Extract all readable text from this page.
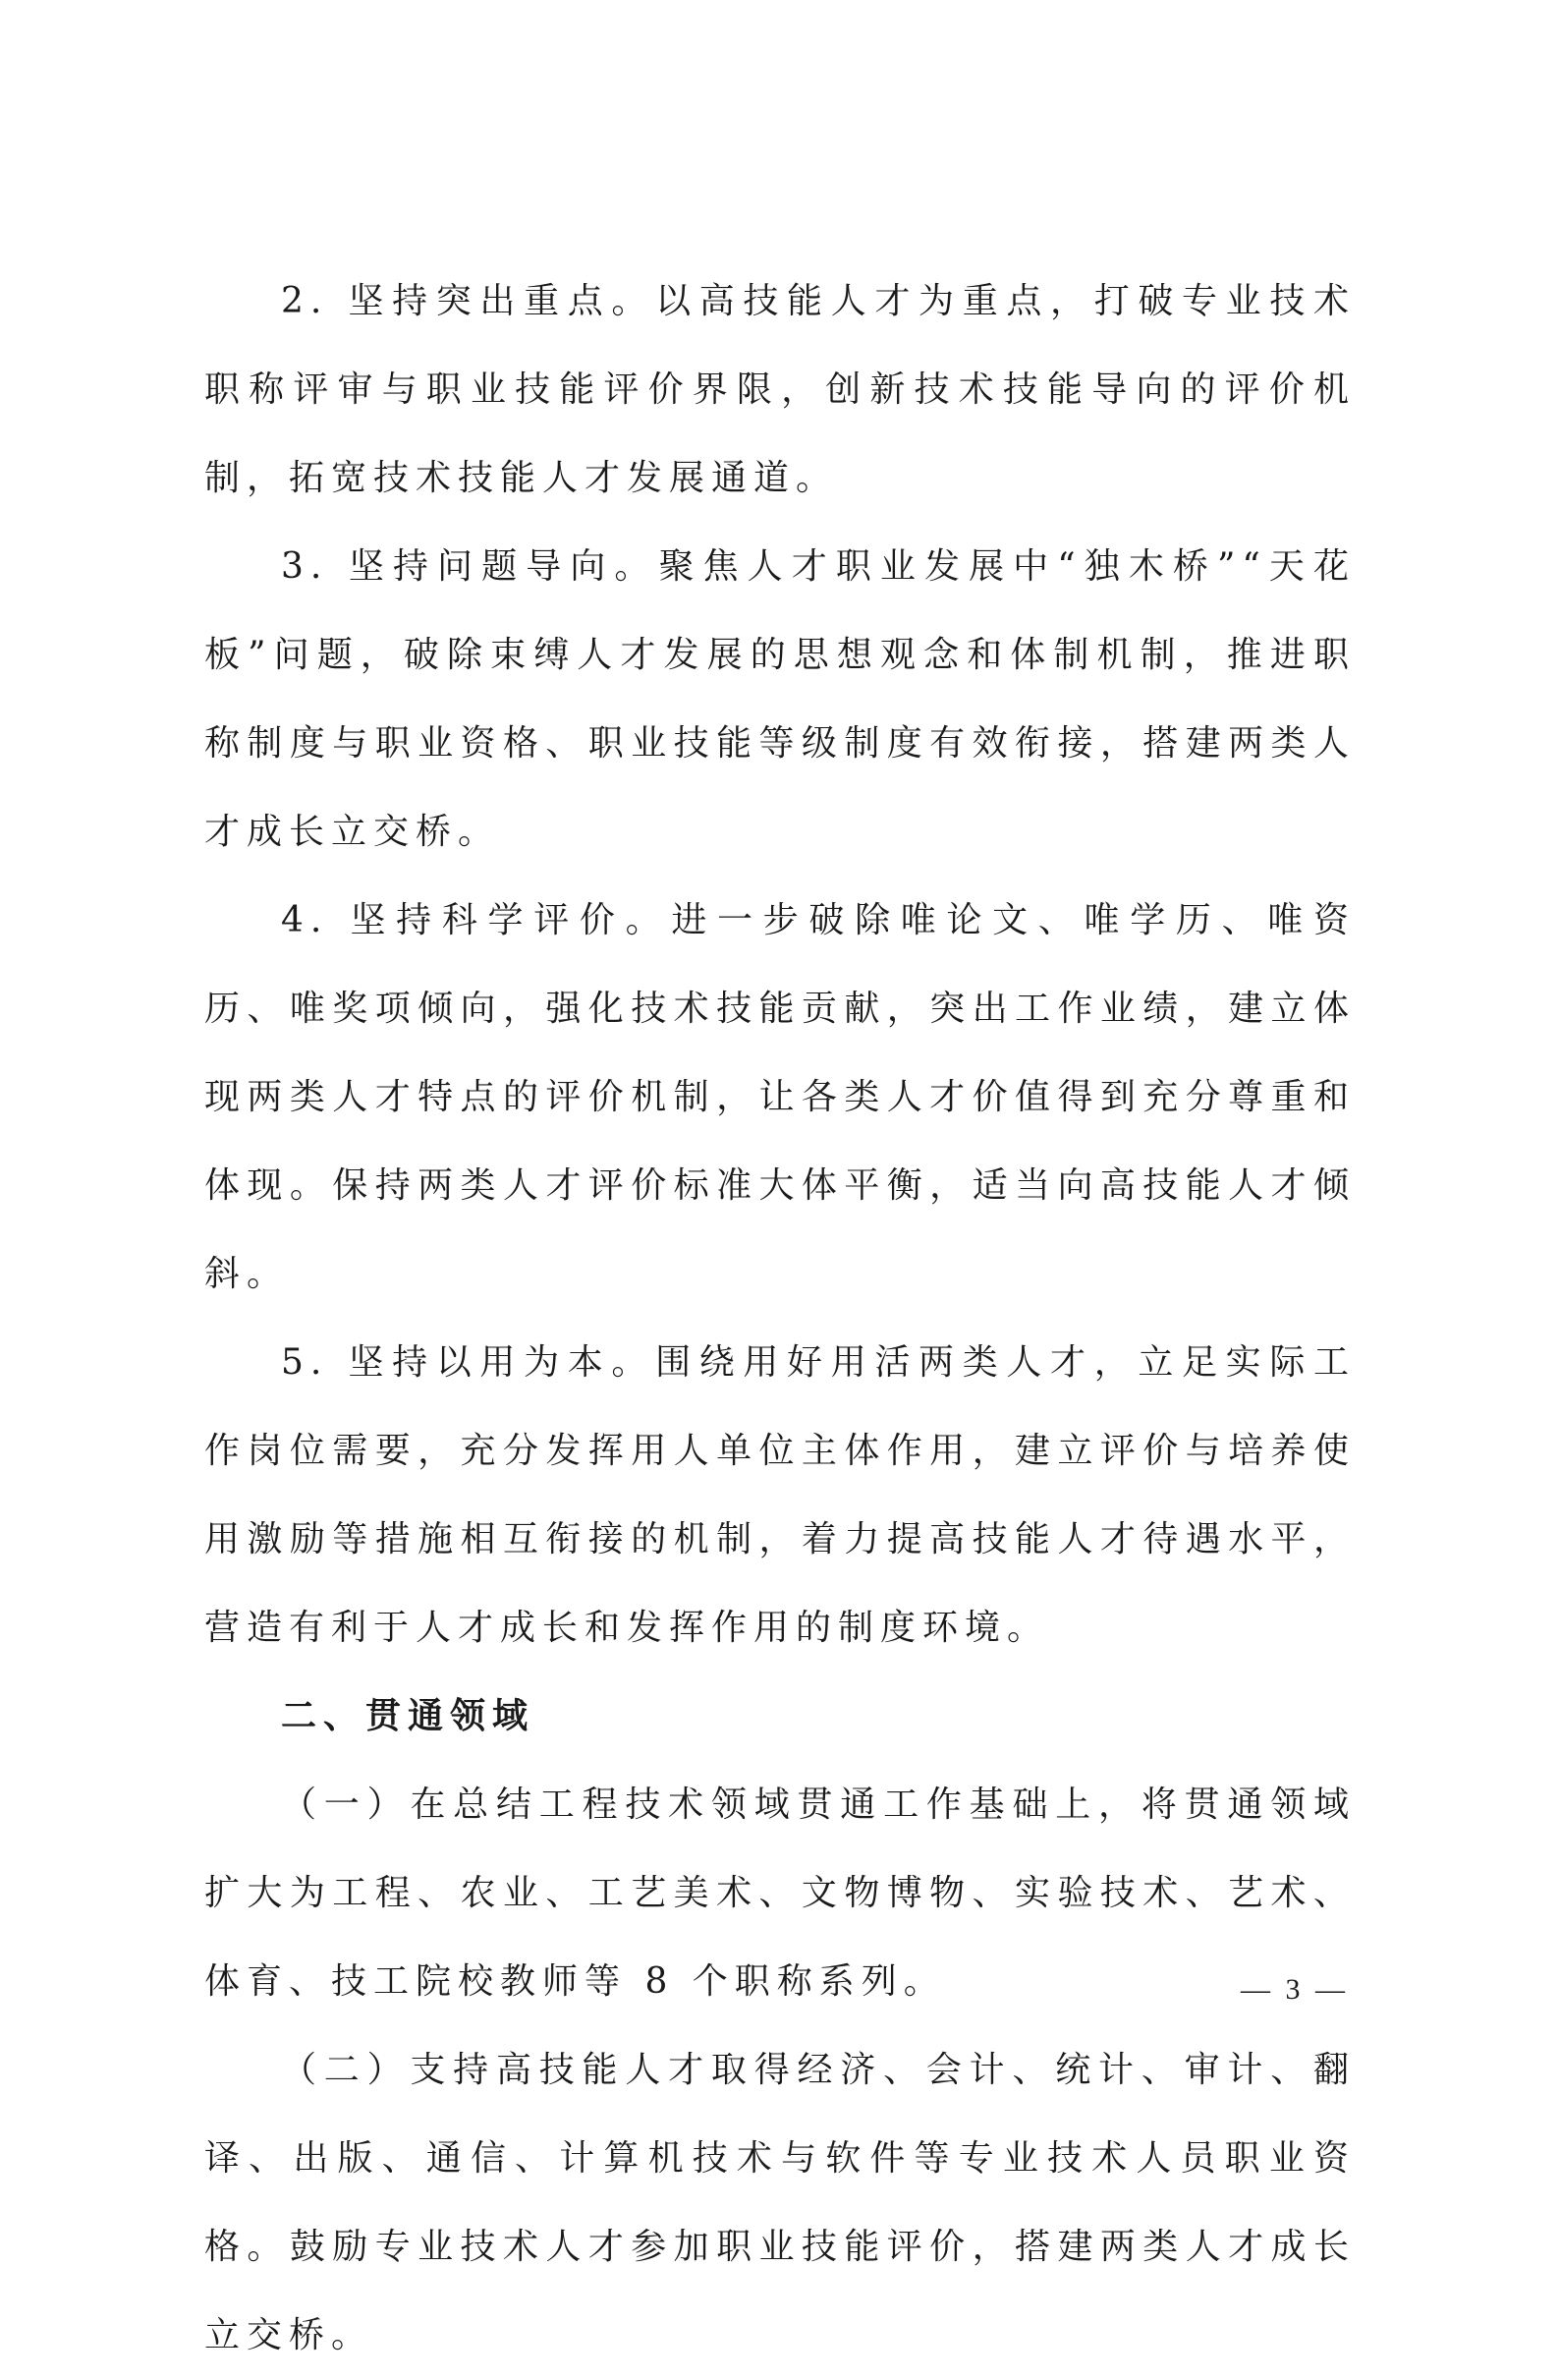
2. 坚持突出重点。以高技能人才为重点，打破专业技术职称评审与职业技能评价界限，创新技术技能导向的评价机制，拓宽技术技能人才发展通道。

3. 坚持问题导向。聚焦人才职业发展中“独木桥”“天花板”问题，破除束缚人才发展的思想观念和体制机制，推进职称制度与职业资格、职业技能等级制度有效衔接，搭建两类人才成长立交桥。

4. 坚持科学评价。进一步破除唯论文、唯学历、唯资历、唯奖项倾向，强化技术技能贡献，突出工作业绩，建立体现两类人才特点的评价机制，让各类人才价值得到充分尊重和体现。保持两类人才评价标准大体平衡，适当向高技能人才倾斜。

5. 坚持以用为本。围绕用好用活两类人才，立足实际工作岗位需要，充分发挥用人单位主体作用，建立评价与培养使用激励等措施相互衔接的机制，着力提高技能人才待遇水平，营造有利于人才成长和发挥作用的制度环境。

二、贯通领域

（一）在总结工程技术领域贯通工作基础上，将贯通领域扩大为工程、农业、工艺美术、文物博物、实验技术、艺术、体育、技工院校教师等 8 个职称系列。

（二）支持高技能人才取得经济、会计、统计、审计、翻译、出版、通信、计算机技术与软件等专业技术人员职业资格。鼓励专业技术人才参加职业技能评价，搭建两类人才成长立交桥。

— 3 —
